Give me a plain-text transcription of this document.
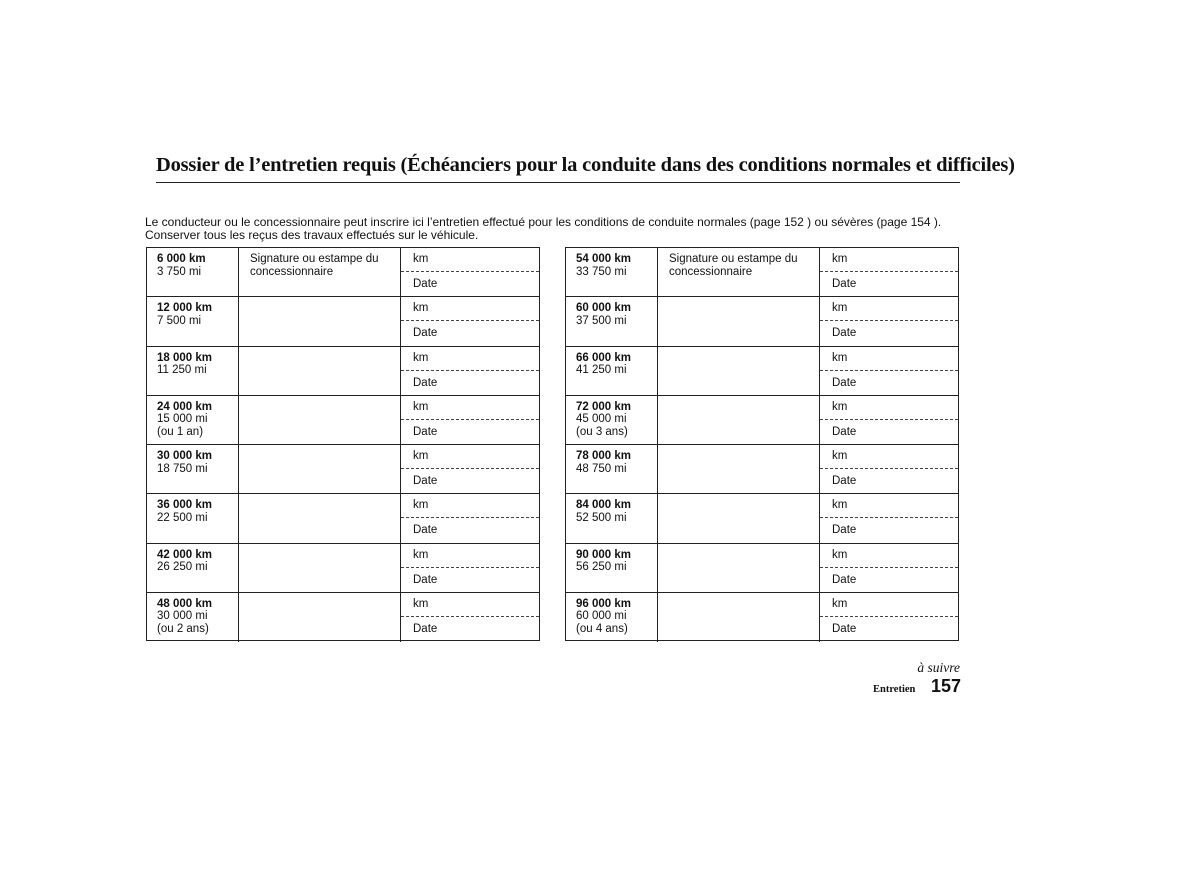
Dossier de l’entretien requis (Échéanciers pour la conduite dans des conditions normales et difficiles)
Le conducteur ou le concessionnaire peut inscrire ici l’entretien effectué pour les conditions de conduite normales (page 152 ) ou sévères (page 154 ).
Conserver tous les reçus des travaux effectués sur le véhicule.
6 000 km
3 750 mi
Signature ou estampe du concessionnaire
km
Date
12 000 km
7 500 mi
km
Date
18 000 km
11 250 mi
km
Date
24 000 km
15 000 mi
(ou 1 an)
km
Date
30 000 km
18 750 mi
km
Date
36 000 km
22 500 mi
km
Date
42 000 km
26 250 mi
km
Date
48 000 km
30 000 mi
(ou 2 ans)
km
Date
54 000 km
33 750 mi
Signature ou estampe du concessionnaire
km
Date
60 000 km
37 500 mi
km
Date
66 000 km
41 250 mi
km
Date
72 000 km
45 000 mi
(ou 3 ans)
km
Date
78 000 km
48 750 mi
km
Date
84 000 km
52 500 mi
km
Date
90 000 km
56 250 mi
km
Date
96 000 km
60 000 mi
(ou 4 ans)
km
Date
à suivre
Entretien 157
